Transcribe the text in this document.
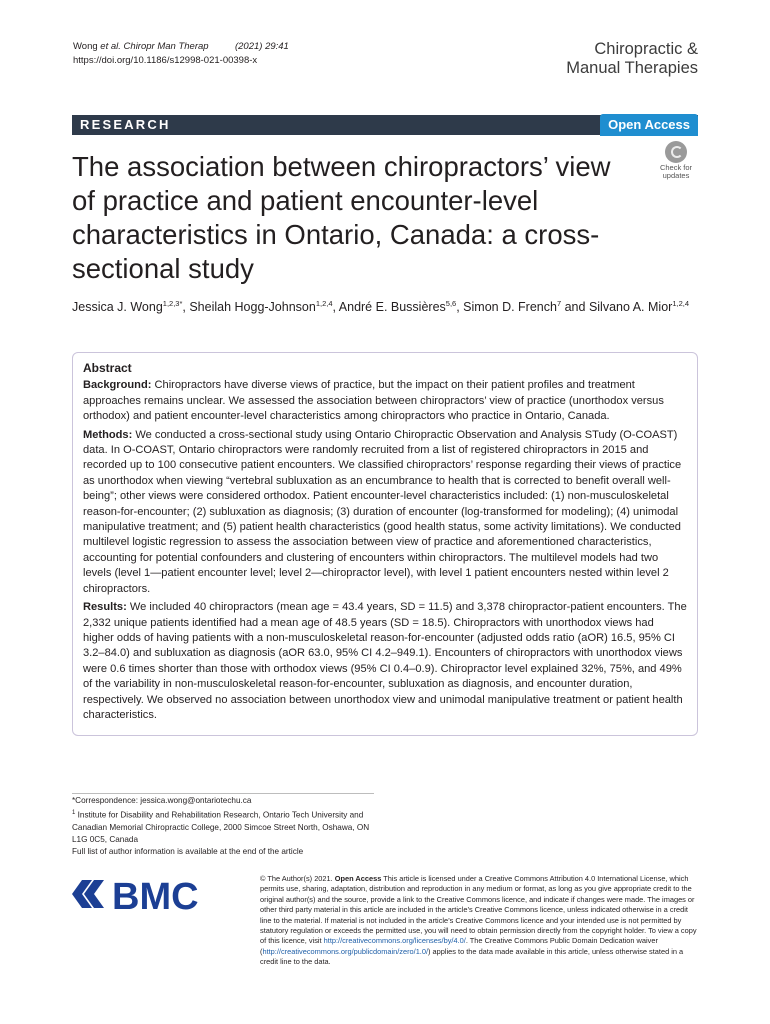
Wong et al. Chiropr Man Therap	(2021) 29:41
https://doi.org/10.1186/s12998-021-00398-x
Chiropractic &
Manual Therapies
RESEARCH	Open Access
The association between chiropractors’ view of practice and patient encounter-level characteristics in Ontario, Canada: a cross-sectional study
Check for
updates
Jessica J. Wong$^{1,2,3*}$, Sheilah Hogg-Johnson$^{1,2,4}$, André E. Bussières$^{5,6}$, Simon D. French$^7$ and Silvano A. Mior$^{1,2,4}$
Abstract

Background: Chiropractors have diverse views of practice, but the impact on their patient profiles and treatment approaches remains unclear. We assessed the association between chiropractors’ view of practice (unorthodox versus orthodox) and patient encounter-level characteristics among chiropractors who practice in Ontario, Canada.

Methods: We conducted a cross-sectional study using Ontario Chiropractic Observation and Analysis STudy (O-COAST) data. In O-COAST, Ontario chiropractors were randomly recruited from a list of registered chiropractors in 2015 and recorded up to 100 consecutive patient encounters. We classified chiropractors’ response regarding their views of practice as unorthodox when viewing “vertebral subluxation as an encumbrance to health that is corrected to benefit overall well-being”; other views were considered orthodox. Patient encounter-level characteristics included: (1) non-musculoskeletal reason-for-encounter; (2) subluxation as diagnosis; (3) duration of encounter (log-transformed for modeling); (4) unimodal manipulative treatment; and (5) patient health characteristics (good health status, some activity limitations). We conducted multilevel logistic regression to assess the association between view of practice and aforementioned characteristics, accounting for potential confounders and clustering of encounters within chiropractors. The multilevel models had two levels (level 1—patient encounter level; level 2—chiropractor level), with level 1 patient encounters nested within level 2 chiropractors.

Results: We included 40 chiropractors (mean age = 43.4 years, SD = 11.5) and 3,378 chiropractor-patient encounters. The 2,332 unique patients identified had a mean age of 48.5 years (SD = 18.5). Chiropractors with unorthodox views had higher odds of having patients with a non-musculoskeletal reason-for-encounter (adjusted odds ratio (aOR) 16.5, 95% CI 3.2–84.0) and subluxation as diagnosis (aOR 63.0, 95% CI 4.2–949.1). Encounters of chiropractors with unorthodox views were 0.6 times shorter than those with orthodox views (95% CI 0.4–0.9). Chiropractor level explained 32%, 75%, and 49% of the variability in non-musculoskeletal reason-for-encounter, subluxation as diagnosis, and encounter duration, respectively. We observed no association between unorthodox view and unimodal manipulative treatment or patient health characteristics.

*Correspondence: jessica.wong@ontariotechu.ca
$^1$ Institute for Disability and Rehabilitation Research, Ontario Tech University and Canadian Memorial Chiropractic College, 2000 Simcoe Street North, Oshawa, ON L1G 0C5, Canada
Full list of author information is available at the end of the article
BMC	© The Author(s) 2021. Open Access This article is licensed under a Creative Commons Attribution 4.0 International License, which permits use, sharing, adaptation, distribution and reproduction in any medium or format, as long as you give appropriate credit to the original author(s) and the source, provide a link to the Creative Commons licence, and indicate if changes were made. The images or other third party material in this article are included in the article’s Creative Commons licence, unless indicated otherwise in a credit line to the material. If material is not included in the article’s Creative Commons licence and your intended use is not permitted by statutory regulation or exceeds the permitted use, you will need to obtain permission directly from the copyright holder. To view a copy of this licence, visit http://creativecommons.org/licenses/by/4.0/. The Creative Commons Public Domain Dedication waiver (http://creativecommons.org/publicdomain/zero/1.0/) applies to the data made available in this article, unless otherwise stated in a credit line to the data.
